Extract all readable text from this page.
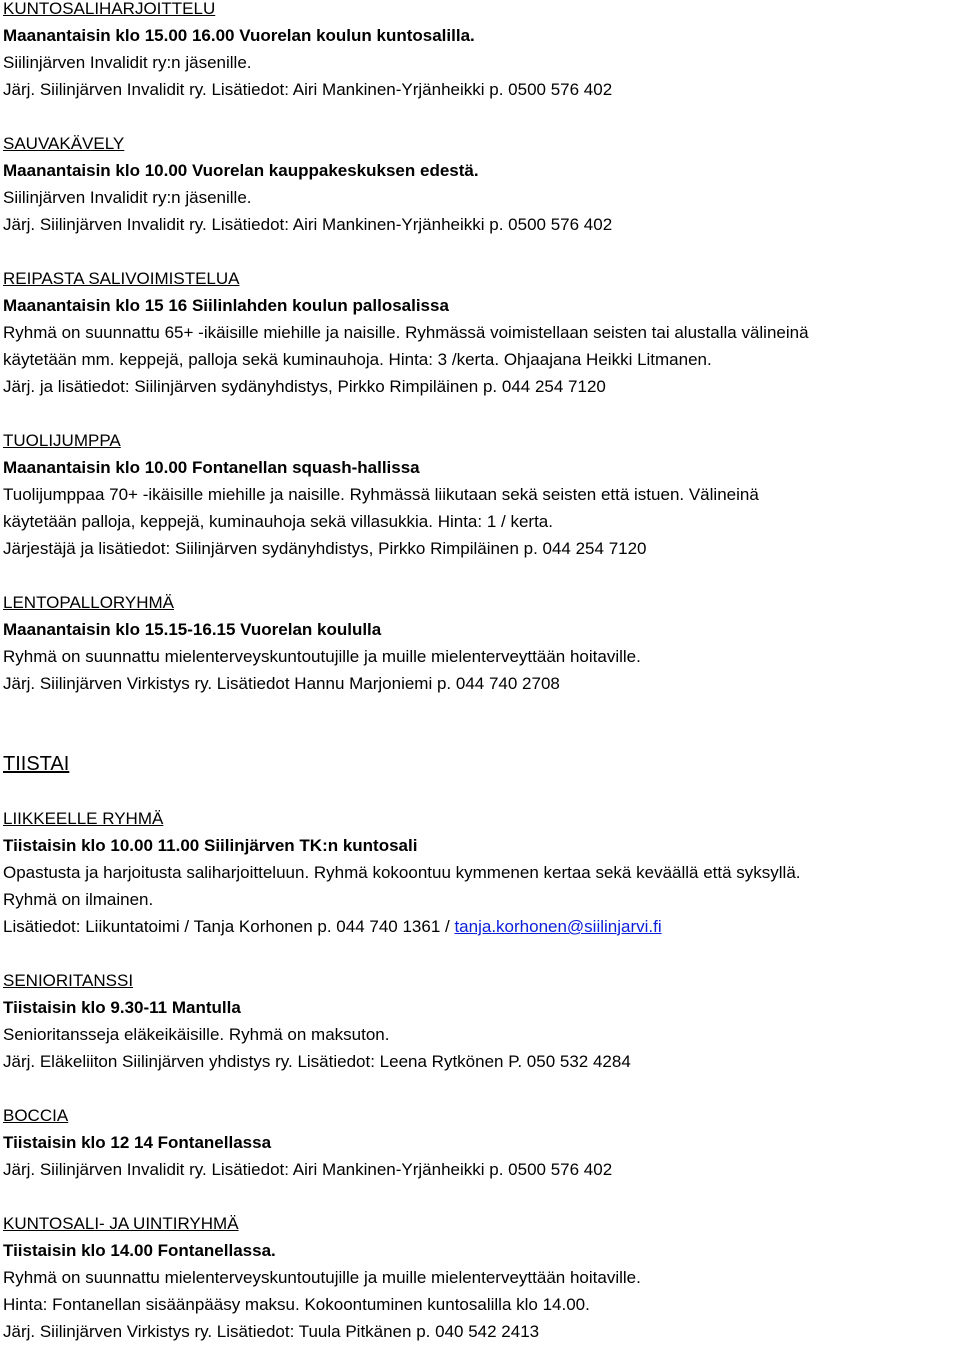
KUNTOSALIHARJOITTELU
Maanantaisin klo 15.00 16.00 Vuorelan koulun kuntosalilla.
Siilinjärven Invalidit ry:n jäsenille.
Järj. Siilinjärven Invalidit ry. Lisätiedot: Airi Mankinen-Yrjänheikki p. 0500 576 402
SAUVAKÄVELY
Maanantaisin klo 10.00 Vuorelan kauppakeskuksen edestä.
Siilinjärven Invalidit ry:n jäsenille.
Järj. Siilinjärven Invalidit ry. Lisätiedot: Airi Mankinen-Yrjänheikki p. 0500 576 402
REIPASTA SALIVOIMISTELUA
Maanantaisin klo 15 16 Siilinlahden koulun pallosalissa
Ryhmä on suunnattu 65+ -ikäisille miehille ja naisille. Ryhmässä voimistellaan seisten tai alustalla välineinä
käytetään mm. keppejä, palloja sekä kuminauhoja. Hinta: 3 /kerta. Ohjaajana Heikki Litmanen.
Järj. ja lisätiedot: Siilinjärven sydänyhdistys, Pirkko Rimpiläinen p. 044 254 7120
TUOLIJUMPPA
Maanantaisin klo 10.00 Fontanellan squash-hallissa
Tuolijumppaa 70+ -ikäisille miehille ja naisille. Ryhmässä liikutaan sekä seisten että istuen. Välineinä
käytetään palloja, keppejä, kuminauhoja sekä villasukkia. Hinta: 1 / kerta.
Järjestäjä ja lisätiedot: Siilinjärven sydänyhdistys, Pirkko Rimpiläinen p. 044 254 7120
LENTOPALLORYHMÄ
Maanantaisin klo 15.15-16.15 Vuorelan koululla
Ryhmä on suunnattu mielenterveyskuntoutujille ja muille mielenterveyttään hoitaville.
Järj. Siilinjärven Virkistys ry. Lisätiedot Hannu Marjoniemi p. 044 740 2708
TIISTAI
LIIKKEELLE RYHMÄ
Tiistaisin klo 10.00 11.00 Siilinjärven TK:n kuntosali
Opastusta ja harjoitusta saliharjoitteluun. Ryhmä kokoontuu kymmenen kertaa sekä keväällä että syksyllä.
Ryhmä on ilmainen.
Lisätiedot: Liikuntatoimi / Tanja Korhonen p. 044 740 1361 / tanja.korhonen@siilinjarvi.fi
SENIORITANSSI
Tiistaisin klo 9.30-11 Mantulla
Senioritansseja eläkeikäisille. Ryhmä on maksuton.
Järj. Eläkeliiton Siilinjärven yhdistys ry. Lisätiedot: Leena Rytkönen P. 050 532 4284
BOCCIA
Tiistaisin klo 12 14 Fontanellassa
Järj. Siilinjärven Invalidit ry. Lisätiedot: Airi Mankinen-Yrjänheikki p. 0500 576 402
KUNTOSALI- JA UINTIRYHMÄ
Tiistaisin klo 14.00 Fontanellassa.
Ryhmä on suunnattu mielenterveyskuntoutujille ja muille mielenterveyttään hoitaville.
Hinta: Fontanellan sisäänpääsy maksu. Kokoontuminen kuntosalilla klo 14.00.
Järj. Siilinjärven Virkistys ry. Lisätiedot: Tuula Pitkänen p. 040 542 2413
